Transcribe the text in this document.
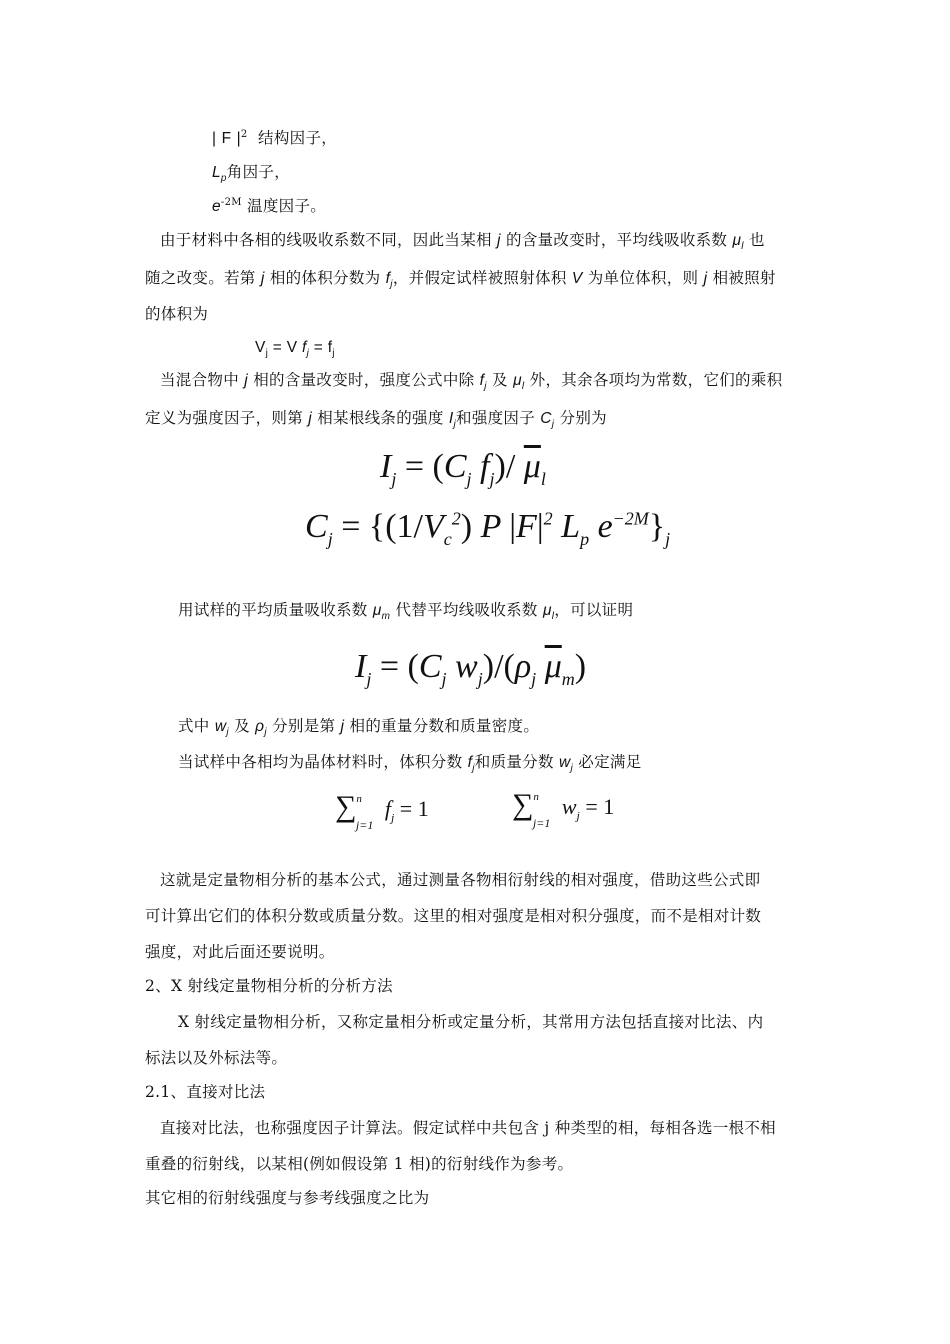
| F $|^2$ 结构因子，
$L_p$角因子，
$e^{-2M}$ 温度因子。
由于材料中各相的线吸收系数不同，因此当某相 j 的含量改变时，平均线吸收系数 $\mu_l$ 也
随之改变。若第 j 相的体积分数为 $f_j$，并假定试样被照射体积 V 为单位体积，则 j 相被照射
的体积为
$V_j = V$ $f_j = f_j$
当混合物中 j 相的含量改变时，强度公式中除 $f_j$ 及 $\mu_l$ 外，其余各项均为常数，它们的乘积
定义为强度因子，则第 j 相某根线条的强度 $I_j$和强度因子 $C_j$ 分别为
$I_j = (C_j$ $f_j)/$ $\overline{\mu}_l$
$C_j = \{(1/V_c^2)$ P $|F|^2$ $L_p$ $e^{-2M}\}_j$
用试样的平均质量吸收系数 $\mu_m$ 代替平均线吸收系数 $\mu_l$，可以证明
$I_j = (C_j$ $w_j)/(\rho_j$ $\overline{\mu}_m$)
式中 $w_j$ 及 $\rho_j$ 分别是第 j 相的重量分数和质量密度。
当试样中各相均为晶体材料时，体积分数 $f_j$和质量分数 $w_j$ 必定满足
∑$^n_{j=1}$ $f_j = 1$	∑$^n_{j=1}$ $w_j = 1$
这就是定量物相分析的基本公式，通过测量各物相衍射线的相对强度，借助这些公式即
可计算出它们的体积分数或质量分数。这里的相对强度是相对积分强度，而不是相对计数
强度，对此后面还要说明。
2、X 射线定量物相分析的分析方法
X 射线定量物相分析，又称定量相分析或定量分析，其常用方法包括直接对比法、内
标法以及外标法等。
2.1、直接对比法
直接对比法，也称强度因子计算法。假定试样中共包含 j 种类型的相，每相各选一根不相
重叠的衍射线，以某相(例如假设第 1 相)的衍射线作为参考。
其它相的衍射线强度与参考线强度之比为
